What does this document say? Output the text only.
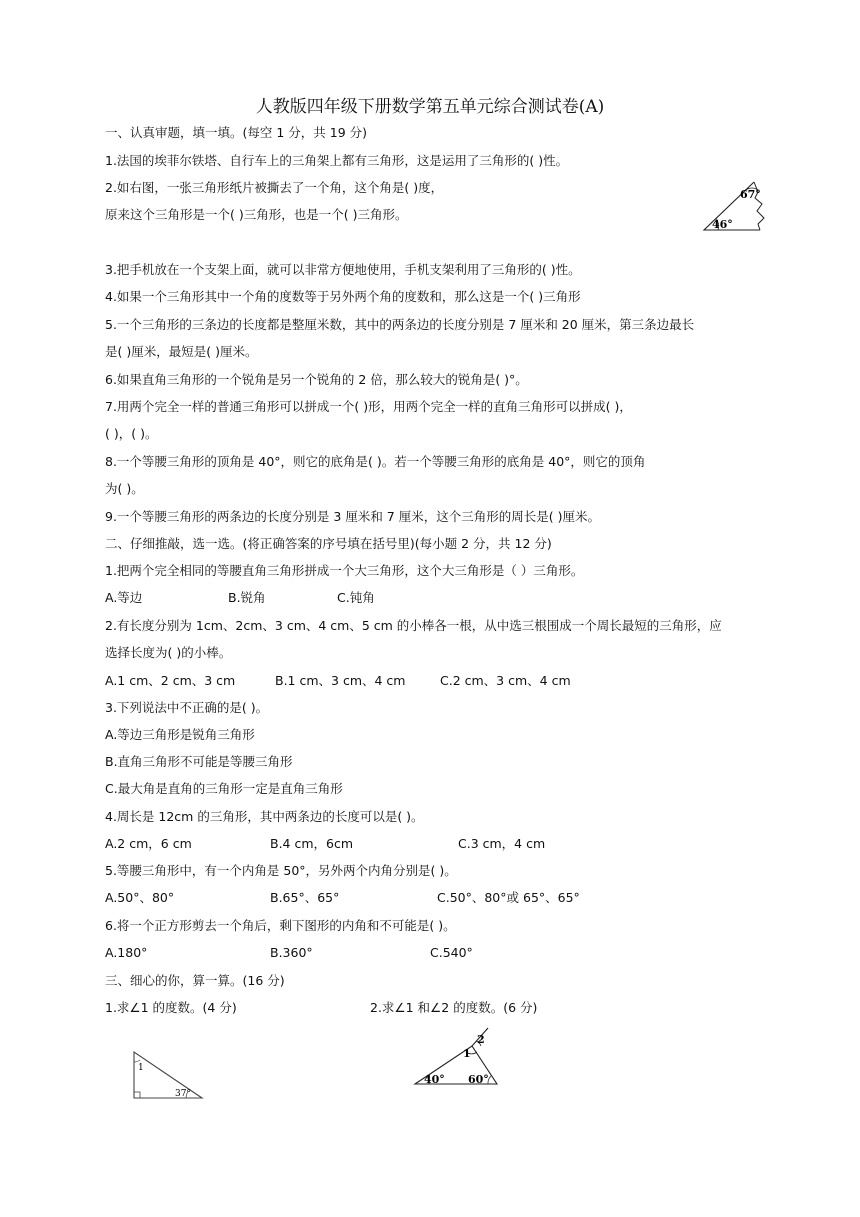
人教版四年级下册数学第五单元综合测试卷(A)
一、认真审题，填一填。(每空 1 分，共 19 分)
1.法国的埃菲尔铁塔、自行车上的三角架上都有三角形，这是运用了三角形的( )性。
2.如右图，一张三角形纸片被撕去了一个角，这个角是( )度，
原来这个三角形是一个( )三角形，也是一个( )三角形。
67°
46°
3.把手机放在一个支架上面，就可以非常方便地使用，手机支架利用了三角形的( )性。
4.如果一个三角形其中一个角的度数等于另外两个角的度数和，那么这是一个( )三角形
5.一个三角形的三条边的长度都是整厘米数，其中的两条边的长度分别是 7 厘米和 20 厘米，第三条边最长
是( )厘米，最短是( )厘米。
6.如果直角三角形的一个锐角是另一个锐角的 2 倍，那么较大的锐角是( )°。
7.用两个完全一样的普通三角形可以拼成一个( )形，用两个完全一样的直角三角形可以拼成( )，
( )，( )。
8.一个等腰三角形的顶角是 40°，则它的底角是( )。若一个等腰三角形的底角是 40°，则它的顶角
为( )。
9.一个等腰三角形的两条边的长度分别是 3 厘米和 7 厘米，这个三角形的周长是( )厘米。
二、仔细推敲，选一选。(将正确答案的序号填在括号里)(每小题 2 分，共 12 分)
1.把两个完全相同的等腰直角三角形拼成一个大三角形，这个大三角形是（ ）三角形。
A.等边	B.锐角	C.钝角
2.有长度分别为 1cm、2cm、3 cm、4 cm、5 cm 的小棒各一根，从中选三根围成一个周长最短的三角形，应
选择长度为( )的小棒。
A.1 cm、2 cm、3 cm	B.1 cm、3 cm、4 cm	C.2 cm、3 cm、4 cm
3.下列说法中不正确的是( )。
A.等边三角形是锐角三角形
B.直角三角形不可能是等腰三角形
C.最大角是直角的三角形一定是直角三角形
4.周长是 12cm 的三角形，其中两条边的长度可以是( )。
A.2 cm，6 cm	B.4 cm，6cm	C.3 cm，4 cm
5.等腰三角形中，有一个内角是 50°，另外两个内角分别是( )。
A.50°、80°	B.65°、65°	C.50°、80°或 65°、65°
6.将一个正方形剪去一个角后，剩下图形的内角和不可能是( )。
A.180°	B.360°	C.540°
三、细心的你，算一算。(16 分)
1.求∠1 的度数。(4 分)	2.求∠1 和∠2 的度数。(6 分)
1
37°
1
2
40° 60°
